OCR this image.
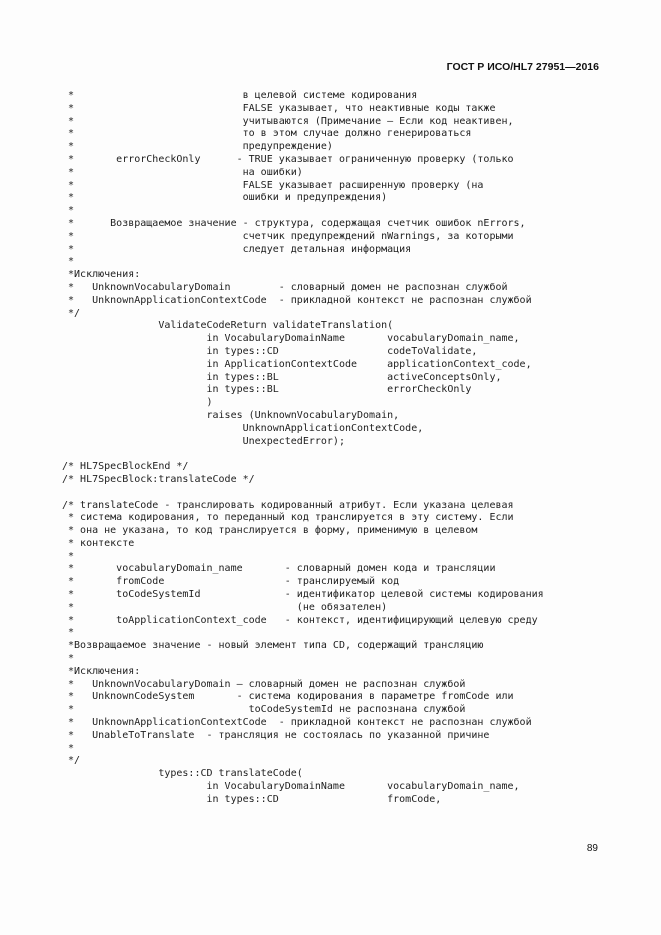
ГОСТ Р ИСО/HL7 27951—2016
*                            в целевой системе кодирования
*                            FALSE указывает, что неактивные коды также
*                            учитываются (Примечание — Если код неактивен,
*                            то в этом случае должно генерироваться
*                            предупреждение)
*       errorCheckOnly      - TRUE указывает ограниченную проверку (только
*                            на ошибки)
*                            FALSE указывает расширенную проверку (на
*                            ошибки и предупреждения)
*
*      Возвращаемое значение - структура, содержащая счетчик ошибок nErrors,
*                            счетчик предупреждений nWarnings, за которыми
*                            следует детальная информация
*
*Исключения:
*   UnknownVocabularyDomain        - словарный домен не распознан службой
*   UnknownApplicationContextCode  - прикладной контекст не распознан службой
*/
ValidateCodeReturn validateTranslation(
in VocabularyDomainName       vocabularyDomain_name,
in types::CD                  codeToValidate,
in ApplicationContextCode     applicationContext_code,
in types::BL                  activeConceptsOnly,
in types::BL                  errorCheckOnly
)
raises (UnknownVocabularyDomain,
UnknownApplicationContextCode,
UnexpectedError);
/* HL7SpecBlockEnd */
/* HL7SpecBlock:translateCode */
/* translateCode - транслировать кодированный атрибут. Если указана целевая
* система кодирования, то переданный код транслируется в эту систему. Если
* она не указана, то код транслируется в форму, применимую в целевом
* контексте
*
*       vocabularyDomain_name       - словарный домен кода и трансляции
*       fromCode                    - транслируемый код
*       toCodeSystemId              - идентификатор целевой системы кодирования
*                                     (не обязателен)
*       toApplicationContext_code   - контекст, идентифицирующий целевую среду
*
*Возвращаемое значение - новый элемент типа CD, содержащий трансляцию
*
*Исключения:
*   UnknownVocabularyDomain — словарный домен не распознан службой
*   UnknownCodeSystem       - система кодирования в параметре fromCode или
*                             toCodeSystemId не распознана службой
*   UnknownApplicationContextCode  - прикладной контекст не распознан службой
*   UnableToTranslate  - трансляция не состоялась по указанной причине
*
*/
types::CD translateCode(
in VocabularyDomainName       vocabularyDomain_name,
in types::CD                  fromCode,
89
